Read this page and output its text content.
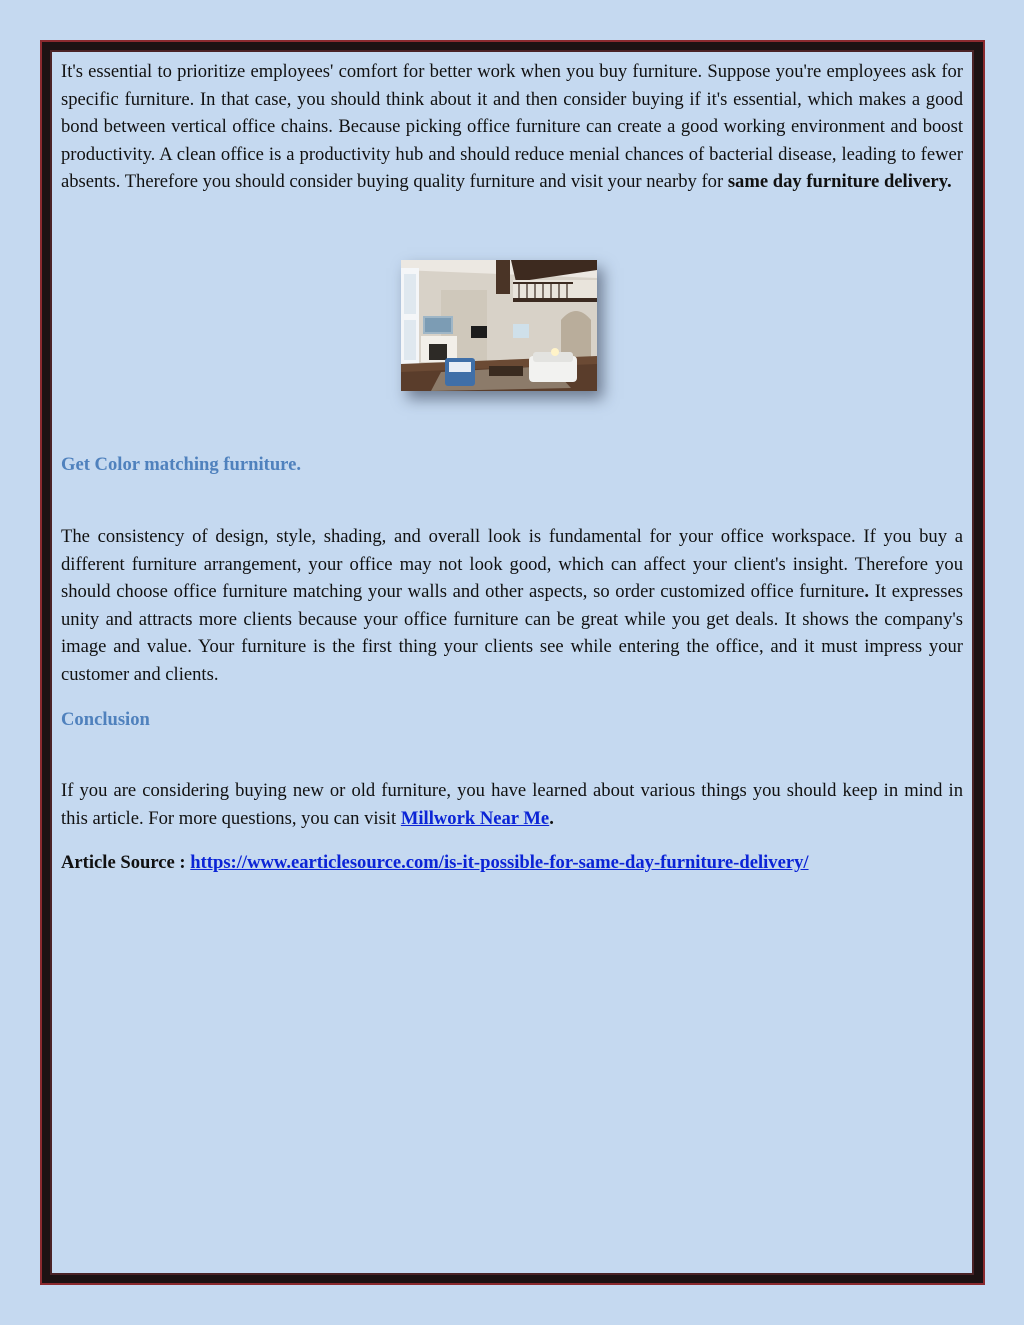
It's essential to prioritize employees' comfort for better work when you buy furniture. Suppose you're employees ask for specific furniture. In that case, you should think about it and then consider buying if it's essential, which makes a good bond between vertical office chains. Because picking office furniture can create a good working environment and boost productivity. A clean office is a productivity hub and should reduce menial chances of bacterial disease, leading to fewer absents. Therefore you should consider buying quality furniture and visit your nearby for same day furniture delivery.

Get Color matching furniture.

The consistency of design, style, shading, and overall look is fundamental for your office workspace. If you buy a different furniture arrangement, your office may not look good, which can affect your client's insight. Therefore you should choose office furniture matching your walls and other aspects, so order customized office furniture. It expresses unity and attracts more clients because your office furniture can be great while you get deals. It shows the company's image and value. Your furniture is the first thing your clients see while entering the office, and it must impress your customer and clients.

Conclusion

If you are considering buying new or old furniture, you have learned about various things you should keep in mind in this article. For more questions, you can visit Millwork Near Me.

Article Source : https://www.earticlesource.com/is-it-possible-for-same-day-furniture-delivery/
